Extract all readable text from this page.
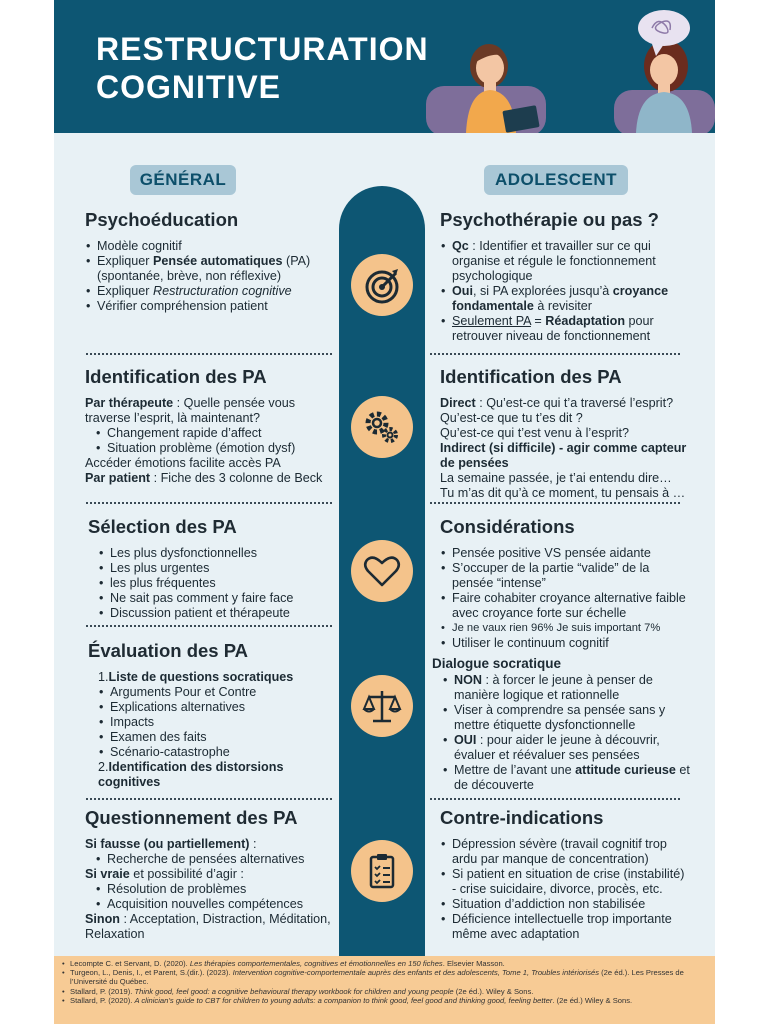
RESTRUCTURATION
COGNITIVE
GÉNÉRAL	ADOLESCENT
Psychoéducation
• Modèle cognitif
• Expliquer Pensée automatiques (PA)
(spontanée, brève, non réflexive)
• Expliquer Restructuration cognitive
• Vérifier compréhension patient
Identification des PA

Par thérapeute : Quelle pensée vous traverse l’esprit, là maintenant?

• Changement rapide d’affect
• Situation problème (émotion dysf)

Accéder émotions facilite accès PA

Par patient : Fiche des 3 colonne de Beck

Sélection des PA
• Les plus dysfonctionnelles
• Les plus urgentes
• les plus fréquentes
• Ne sait pas comment y faire face
• Discussion patient et thérapeute
Évaluation des PA

1.Liste de questions socratiques

• Arguments Pour et Contre
• Explications alternatives
• Impacts
• Examen des faits
• Scénario-catastrophe

2.Identification des distorsions cognitives

Questionnement des PA

Si fausse (ou partiellement) :

• Recherche de pensées alternatives

Si vraie et possibilité d’agir :

• Résolution de problèmes
• Acquisition nouvelles compétences

Sinon : Acceptation, Distraction, Méditation, Relaxation

Psychothérapie ou pas ?
• Qc : Identifier et travailler sur ce qui organise et régule le fonctionnement psychologique
• Oui, si PA explorées jusqu’à croyance fondamentale à revisiter
• Seulement PA = Réadaptation pour retrouver niveau de fonctionnement
Identification des PA

Direct : Qu’est-ce qui t’a traversé l’esprit?

Qu’est-ce que tu t’es dit ?

Qu’est-ce qui t’est venu à l’esprit?

Indirect (si difficile) - agir comme capteur de pensées

La semaine passée, je t’ai entendu dire…

Tu m’as dit qu’à ce moment, tu pensais à …

Considérations
• Pensée positive VS pensée aidante
• S’occuper de la partie “valide” de la pensée “intense”
• Faire cohabiter croyance alternative faible avec croyance forte sur échelle
• Je ne vaux rien 96% Je suis important 7%
• Utiliser le continuum cognitif
Dialogue socratique
• NON : à forcer le jeune à penser de manière logique et rationnelle
• Viser à comprendre sa pensée sans y mettre étiquette dysfonctionnelle
• OUI : pour aider le jeune à découvrir, évaluer et réévaluer ses pensées
• Mettre de l’avant une attitude curieuse et de découverte
Contre-indications
• Dépression sévère (travail cognitif trop ardu par manque de concentration)
• Si patient en situation de crise (instabilité) - crise suicidaire, divorce, procès, etc.
• Situation d’addiction non stabilisée
• Déficience intellectuelle trop importante même avec adaptation
• Lecompte C. et Servant, D. (2020). Les thérapies comportementales, cognitives et émotionnelles en 150 fiches. Elsevier Masson.
• Turgeon, L., Denis, I., et Parent, S.(dir.). (2023). Intervention cognitive-comportementale auprès des enfants et des adolescents, Tome 1, Troubles intériorisés (2e éd.). Les Presses de l’Université du Québec.
• Stallard, P. (2019). Think good, feel good: a cognitive behavioural therapy workbook for children and young people (2e éd.). Wiley & Sons.
• Stallard, P. (2020). A clinician’s guide to CBT for children to young adults: a companion to think good, feel good and thinking good, feeling better. (2e éd.) Wiley & Sons.
